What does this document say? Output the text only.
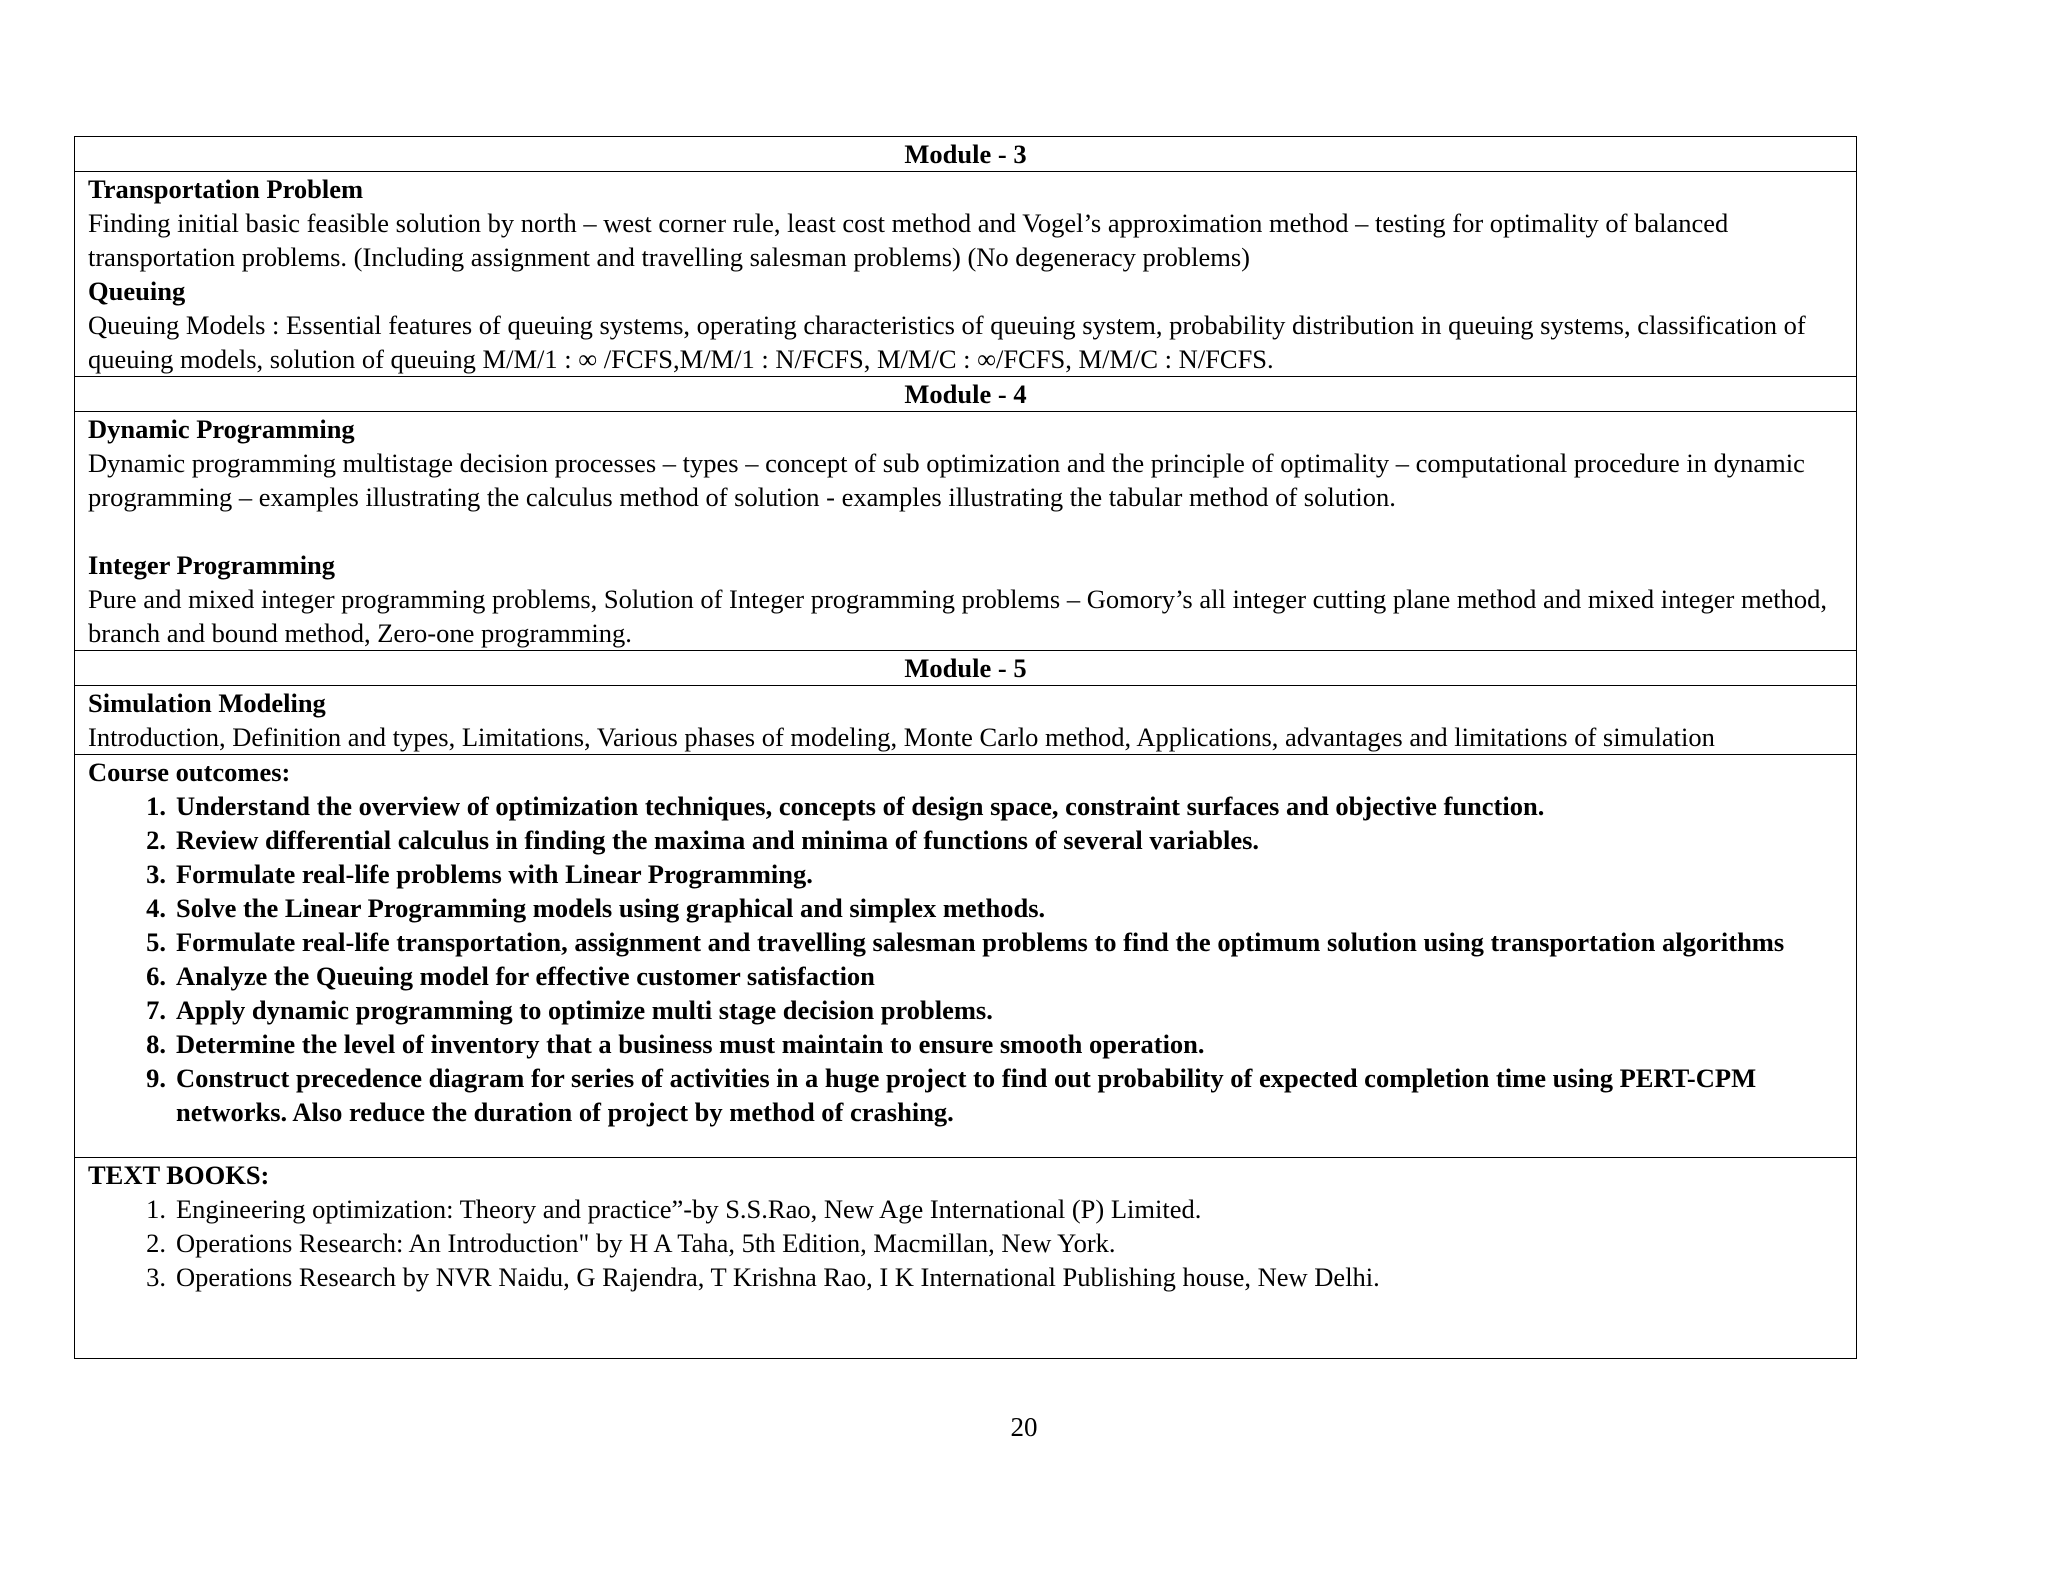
Module - 3

Transportation Problem
Finding initial basic feasible solution by north – west corner rule, least cost method and Vogel’s approximation method – testing for optimality of balanced transportation problems. (Including assignment and travelling salesman problems) (No degeneracy problems)
Queuing
Queuing Models : Essential features of queuing systems, operating characteristics of queuing system, probability distribution in queuing systems, classification of queuing models, solution of queuing M/M/1 : ∞ /FCFS,M/M/1 : N/FCFS, M/M/C : ∞/FCFS, M/M/C : N/FCFS.

Module - 4

Dynamic Programming
Dynamic programming multistage decision processes – types – concept of sub optimization and the principle of optimality – computational procedure in dynamic programming – examples illustrating the calculus method of solution - examples illustrating the tabular method of solution.
Integer Programming
Pure and mixed integer programming problems, Solution of Integer programming problems – Gomory’s all integer cutting plane method and mixed integer method, branch and bound method, Zero-one programming.

Module - 5

Simulation Modeling
Introduction, Definition and types, Limitations, Various phases of modeling, Monte Carlo method, Applications, advantages and limitations of simulation

Course outcomes:
1. Understand the overview of optimization techniques, concepts of design space, constraint surfaces and objective function.
2. Review differential calculus in finding the maxima and minima of functions of several variables.
3. Formulate real-life problems with Linear Programming.
4. Solve the Linear Programming models using graphical and simplex methods.
5. Formulate real-life transportation, assignment and travelling salesman problems to find the optimum solution using transportation algorithms
6. Analyze the Queuing model for effective customer satisfaction
7. Apply dynamic programming to optimize multi stage decision problems.
8. Determine the level of inventory that a business must maintain to ensure smooth operation.
9. Construct precedence diagram for series of activities in a huge project to find out probability of expected completion time using PERT-CPM networks. Also reduce the duration of project by method of crashing.

TEXT BOOKS:
1. Engineering optimization: Theory and practice”-by S.S.Rao, New Age International (P) Limited.
2. Operations Research: An Introduction" by H A Taha, 5th Edition, Macmillan, New York.
3. Operations Research by NVR Naidu, G Rajendra, T Krishna Rao, I K International Publishing house, New Delhi.
20
